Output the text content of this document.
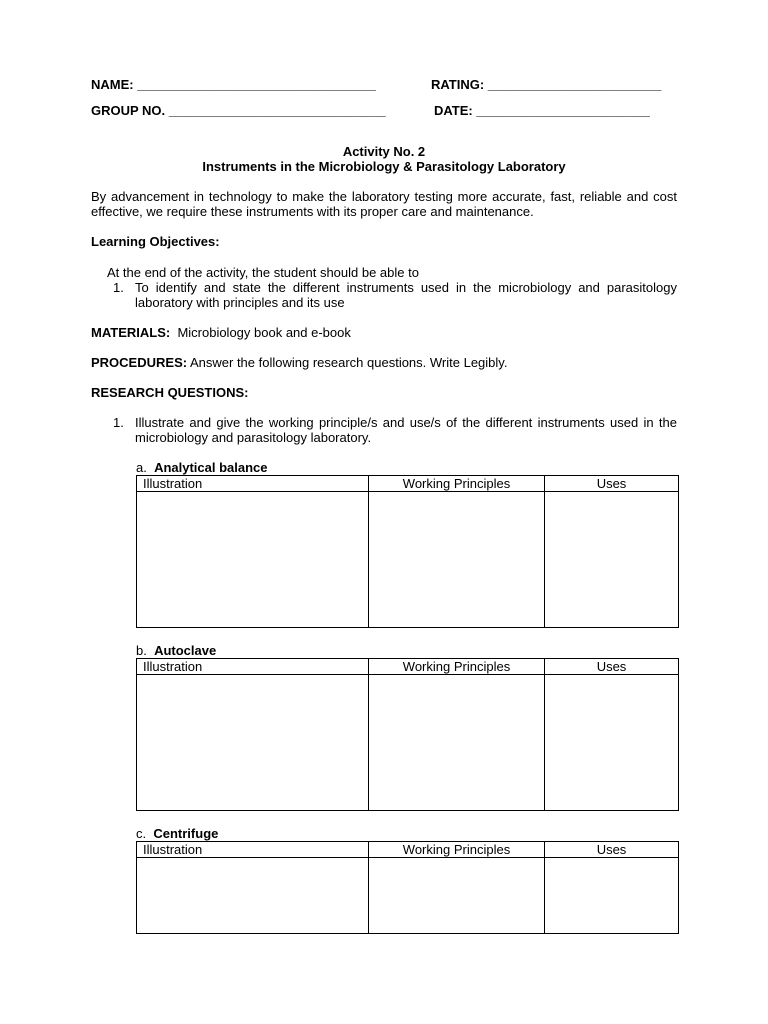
NAME: _________________________________	RATING: ________________________
GROUP NO. ______________________________	DATE: ________________________
Activity No. 2
Instruments in the Microbiology & Parasitology Laboratory
By advancement in technology to make the laboratory testing more accurate, fast, reliable and cost effective, we require these instruments with its proper care and maintenance.
Learning Objectives:
At the end of the activity, the student should be able to
1. To identify and state the different instruments used in the microbiology and parasitology laboratory with principles and its use
MATERIALS: Microbiology book and e-book
PROCEDURES: Answer the following research questions. Write Legibly.
RESEARCH QUESTIONS:
1. Illustrate and give the working principle/s and use/s of the different instruments used in the microbiology and parasitology laboratory.
a. Analytical balance
Illustration	Working Principles	Uses

b. Autoclave
Illustration	Working Principles	Uses

c. Centrifuge
Illustration	Working Principles	Uses
